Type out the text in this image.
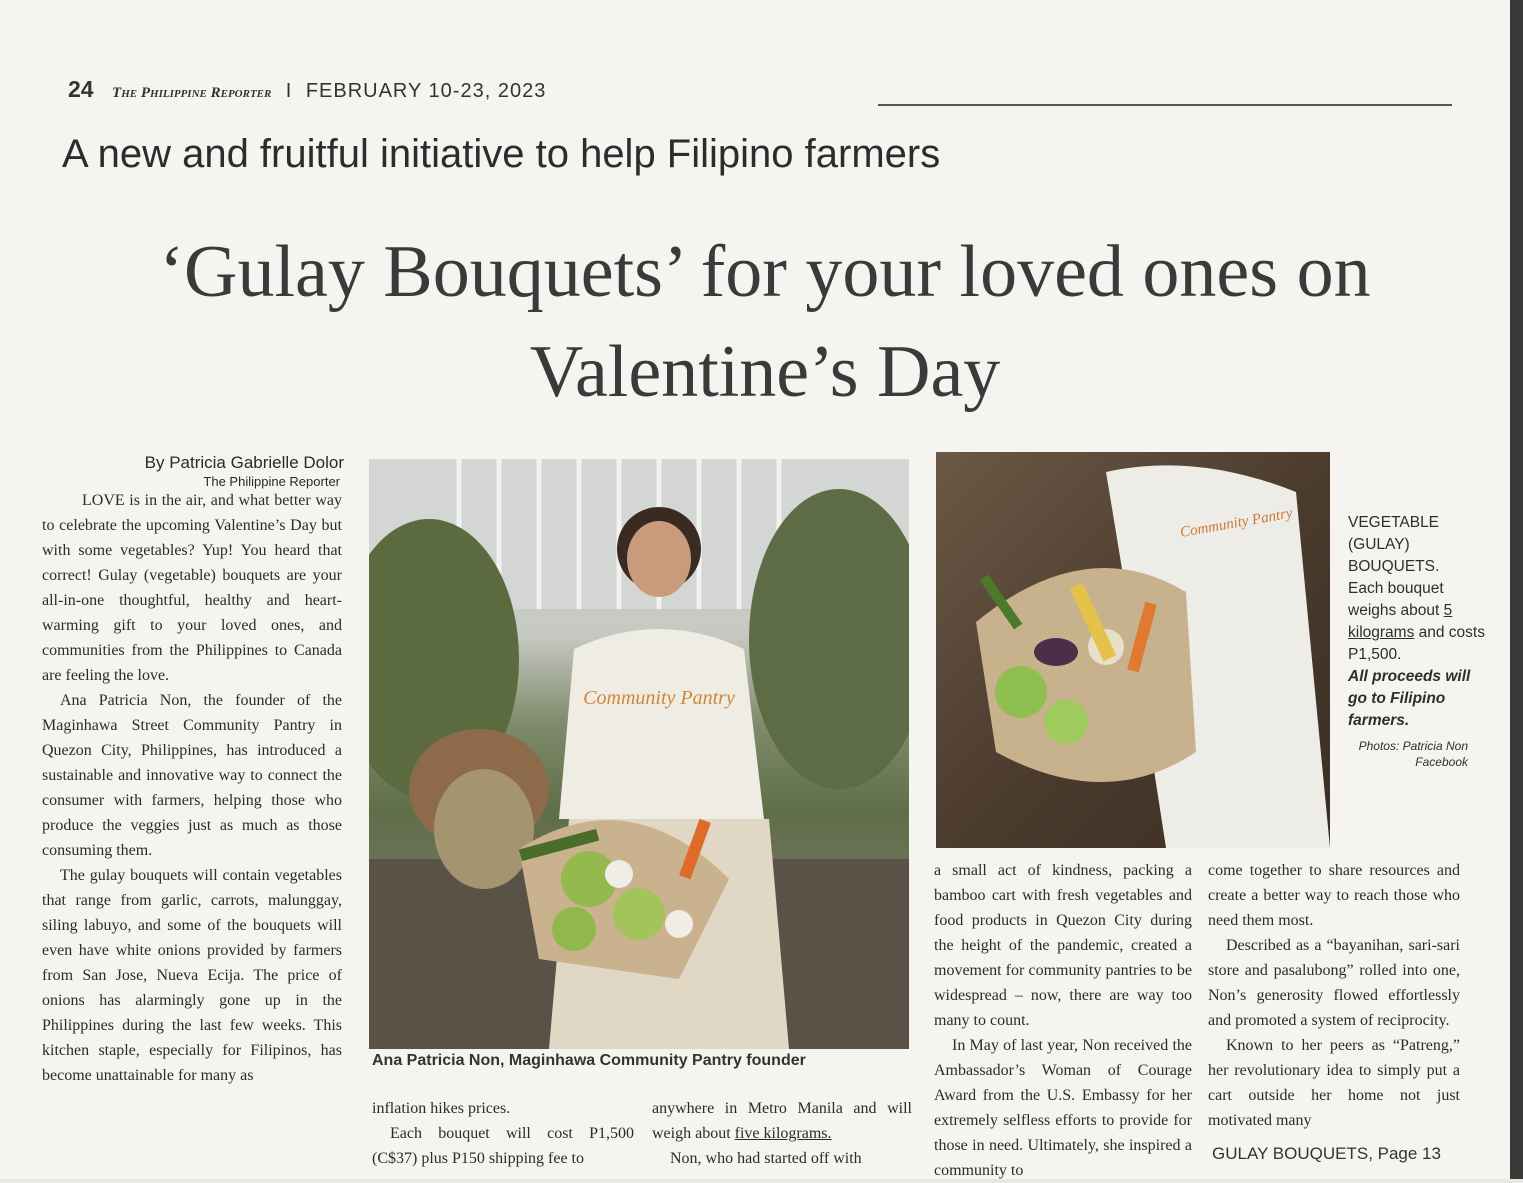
24 The Philippine Reporter I FEBRUARY 10-23, 2023
A new and fruitful initiative to help Filipino farmers
‘Gulay Bouquets’ for your loved ones on Valentine’s Day
By Patricia Gabrielle Dolor
The Philippine Reporter

LOVE is in the air, and what better way to celebrate the upcoming Valentine’s Day but with some vegetables? Yup! You heard that correct! Gulay (vegetable) bouquets are your all-in-one thoughtful, healthy and heart-warming gift to your loved ones, and communities from the Philippines to Canada are feeling the love.

Ana Patricia Non, the founder of the Maginhawa Street Community Pantry in Quezon City, Philippines, has introduced a sustainable and innovative way to connect the consumer with farmers, helping those who produce the veggies just as much as those consuming them.

The gulay bouquets will contain vegetables that range from garlic, carrots, malunggay, siling labuyo, and some of the bouquets will even have white onions provided by farmers from San Jose, Nueva Ecija. The price of onions has alarmingly gone up in the Philippines during the last few weeks. This kitchen staple, especially for Filipinos, has become unattainable for many as

Community Pantry
Ana Patricia Non, Maginhawa Community Pantry founder
Community Pantry	VEGETABLE (GULAY) BOUQUETS.
Each bouquet weighs about 5 kilograms and costs P1,500.
All proceeds will go to Filipino farmers.
Photos: Patricia Non Facebook

inflation hikes prices.

Each bouquet will cost P1,500 (C$37) plus P150 shipping fee to

anywhere in Metro Manila and will weigh about five kilograms.

Non, who had started off with

a small act of kindness, packing a bamboo cart with fresh vegetables and food products in Quezon City during the height of the pandemic, created a movement for community pantries to be widespread – now, there are way too many to count.

In May of last year, Non received the Ambassador’s Woman of Courage Award from the U.S. Embassy for her extremely selfless efforts to provide for those in need. Ultimately, she inspired a community to

come together to share resources and create a better way to reach those who need them most.

Described as a “bayanihan, sari-sari store and pasalubong” rolled into one, Non’s generosity flowed effortlessly and promoted a system of reciprocity.

Known to her peers as “Patreng,” her revolutionary idea to simply put a cart outside her home not just motivated many

GULAY BOUQUETS, Page 13
